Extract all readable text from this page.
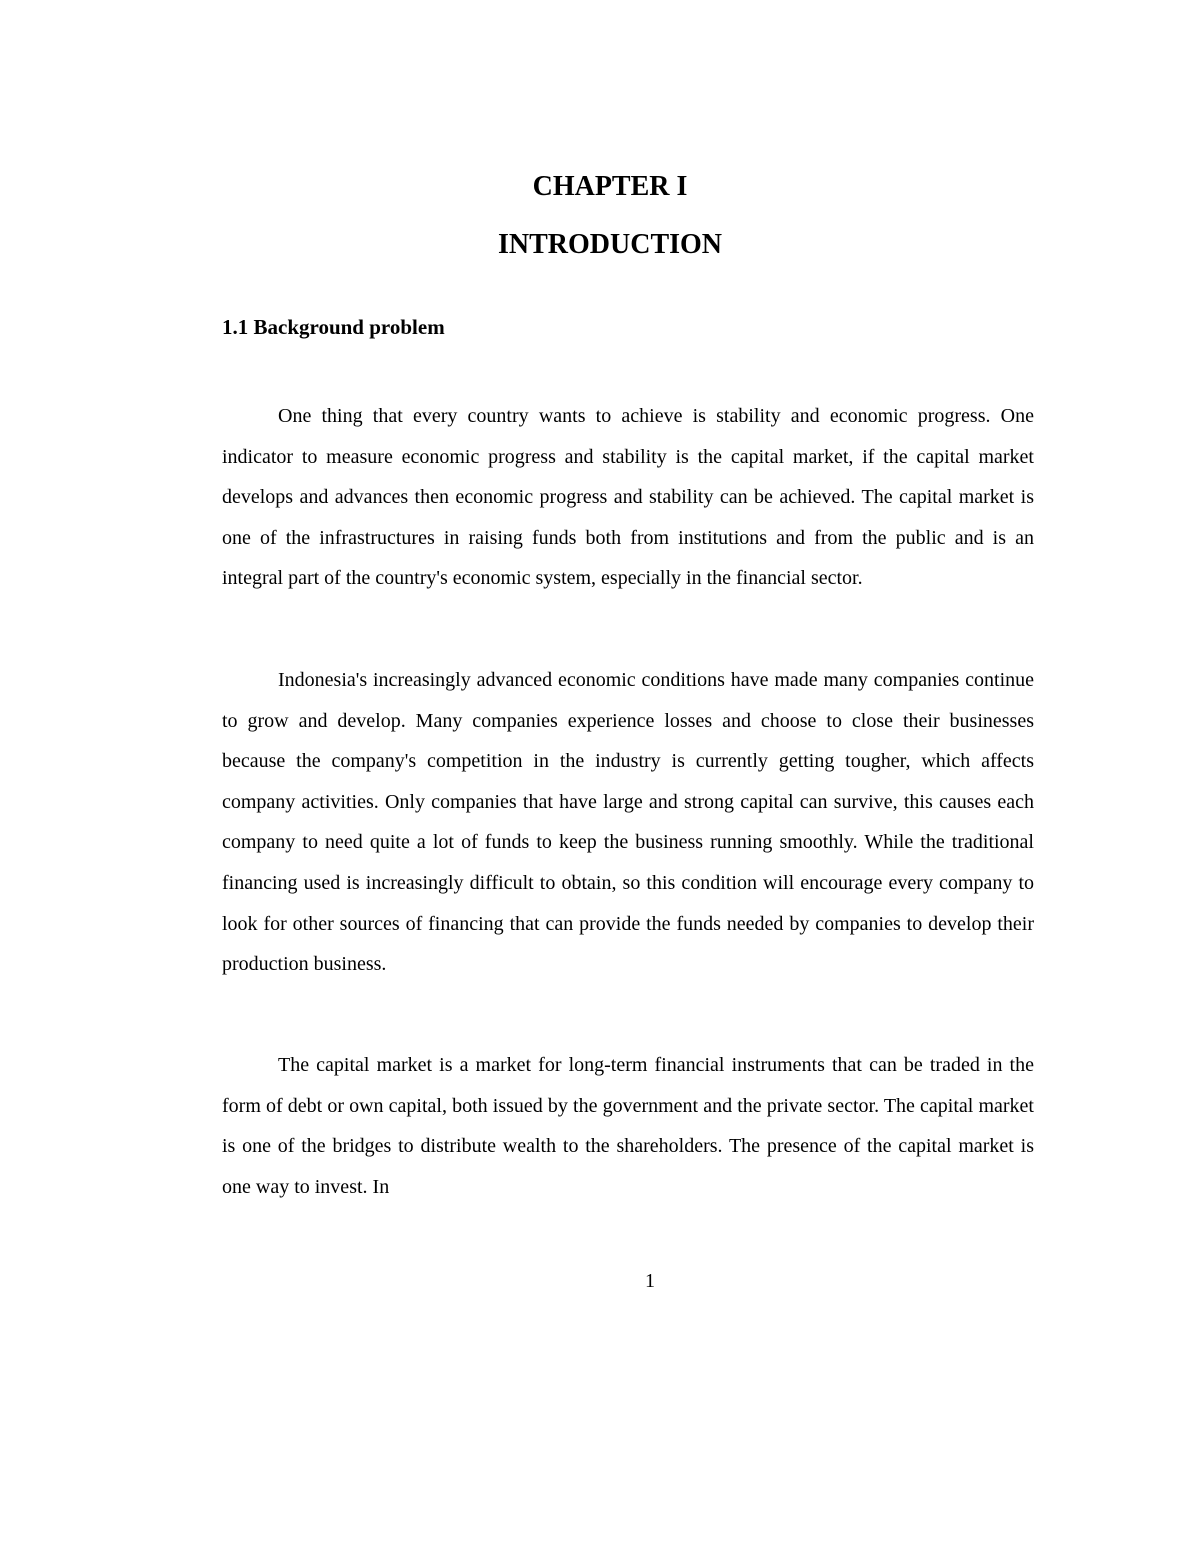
CHAPTER I
INTRODUCTION
1.1 Background problem

One thing that every country wants to achieve is stability and economic progress. One indicator to measure economic progress and stability is the capital market, if the capital market develops and advances then economic progress and stability can be achieved. The capital market is one of the infrastructures in raising funds both from institutions and from the public and is an integral part of the country's economic system, especially in the financial sector.

Indonesia's increasingly advanced economic conditions have made many companies continue to grow and develop. Many companies experience losses and choose to close their businesses because the company's competition in the industry is currently getting tougher, which affects company activities. Only companies that have large and strong capital can survive, this causes each company to need quite a lot of funds to keep the business running smoothly. While the traditional financing used is increasingly difficult to obtain, so this condition will encourage every company to look for other sources of financing that can provide the funds needed by companies to develop their production business.

The capital market is a market for long-term financial instruments that can be traded in the form of debt or own capital, both issued by the government and the private sector. The capital market is one of the bridges to distribute wealth to the shareholders. The presence of the capital market is one way to invest. In

1
